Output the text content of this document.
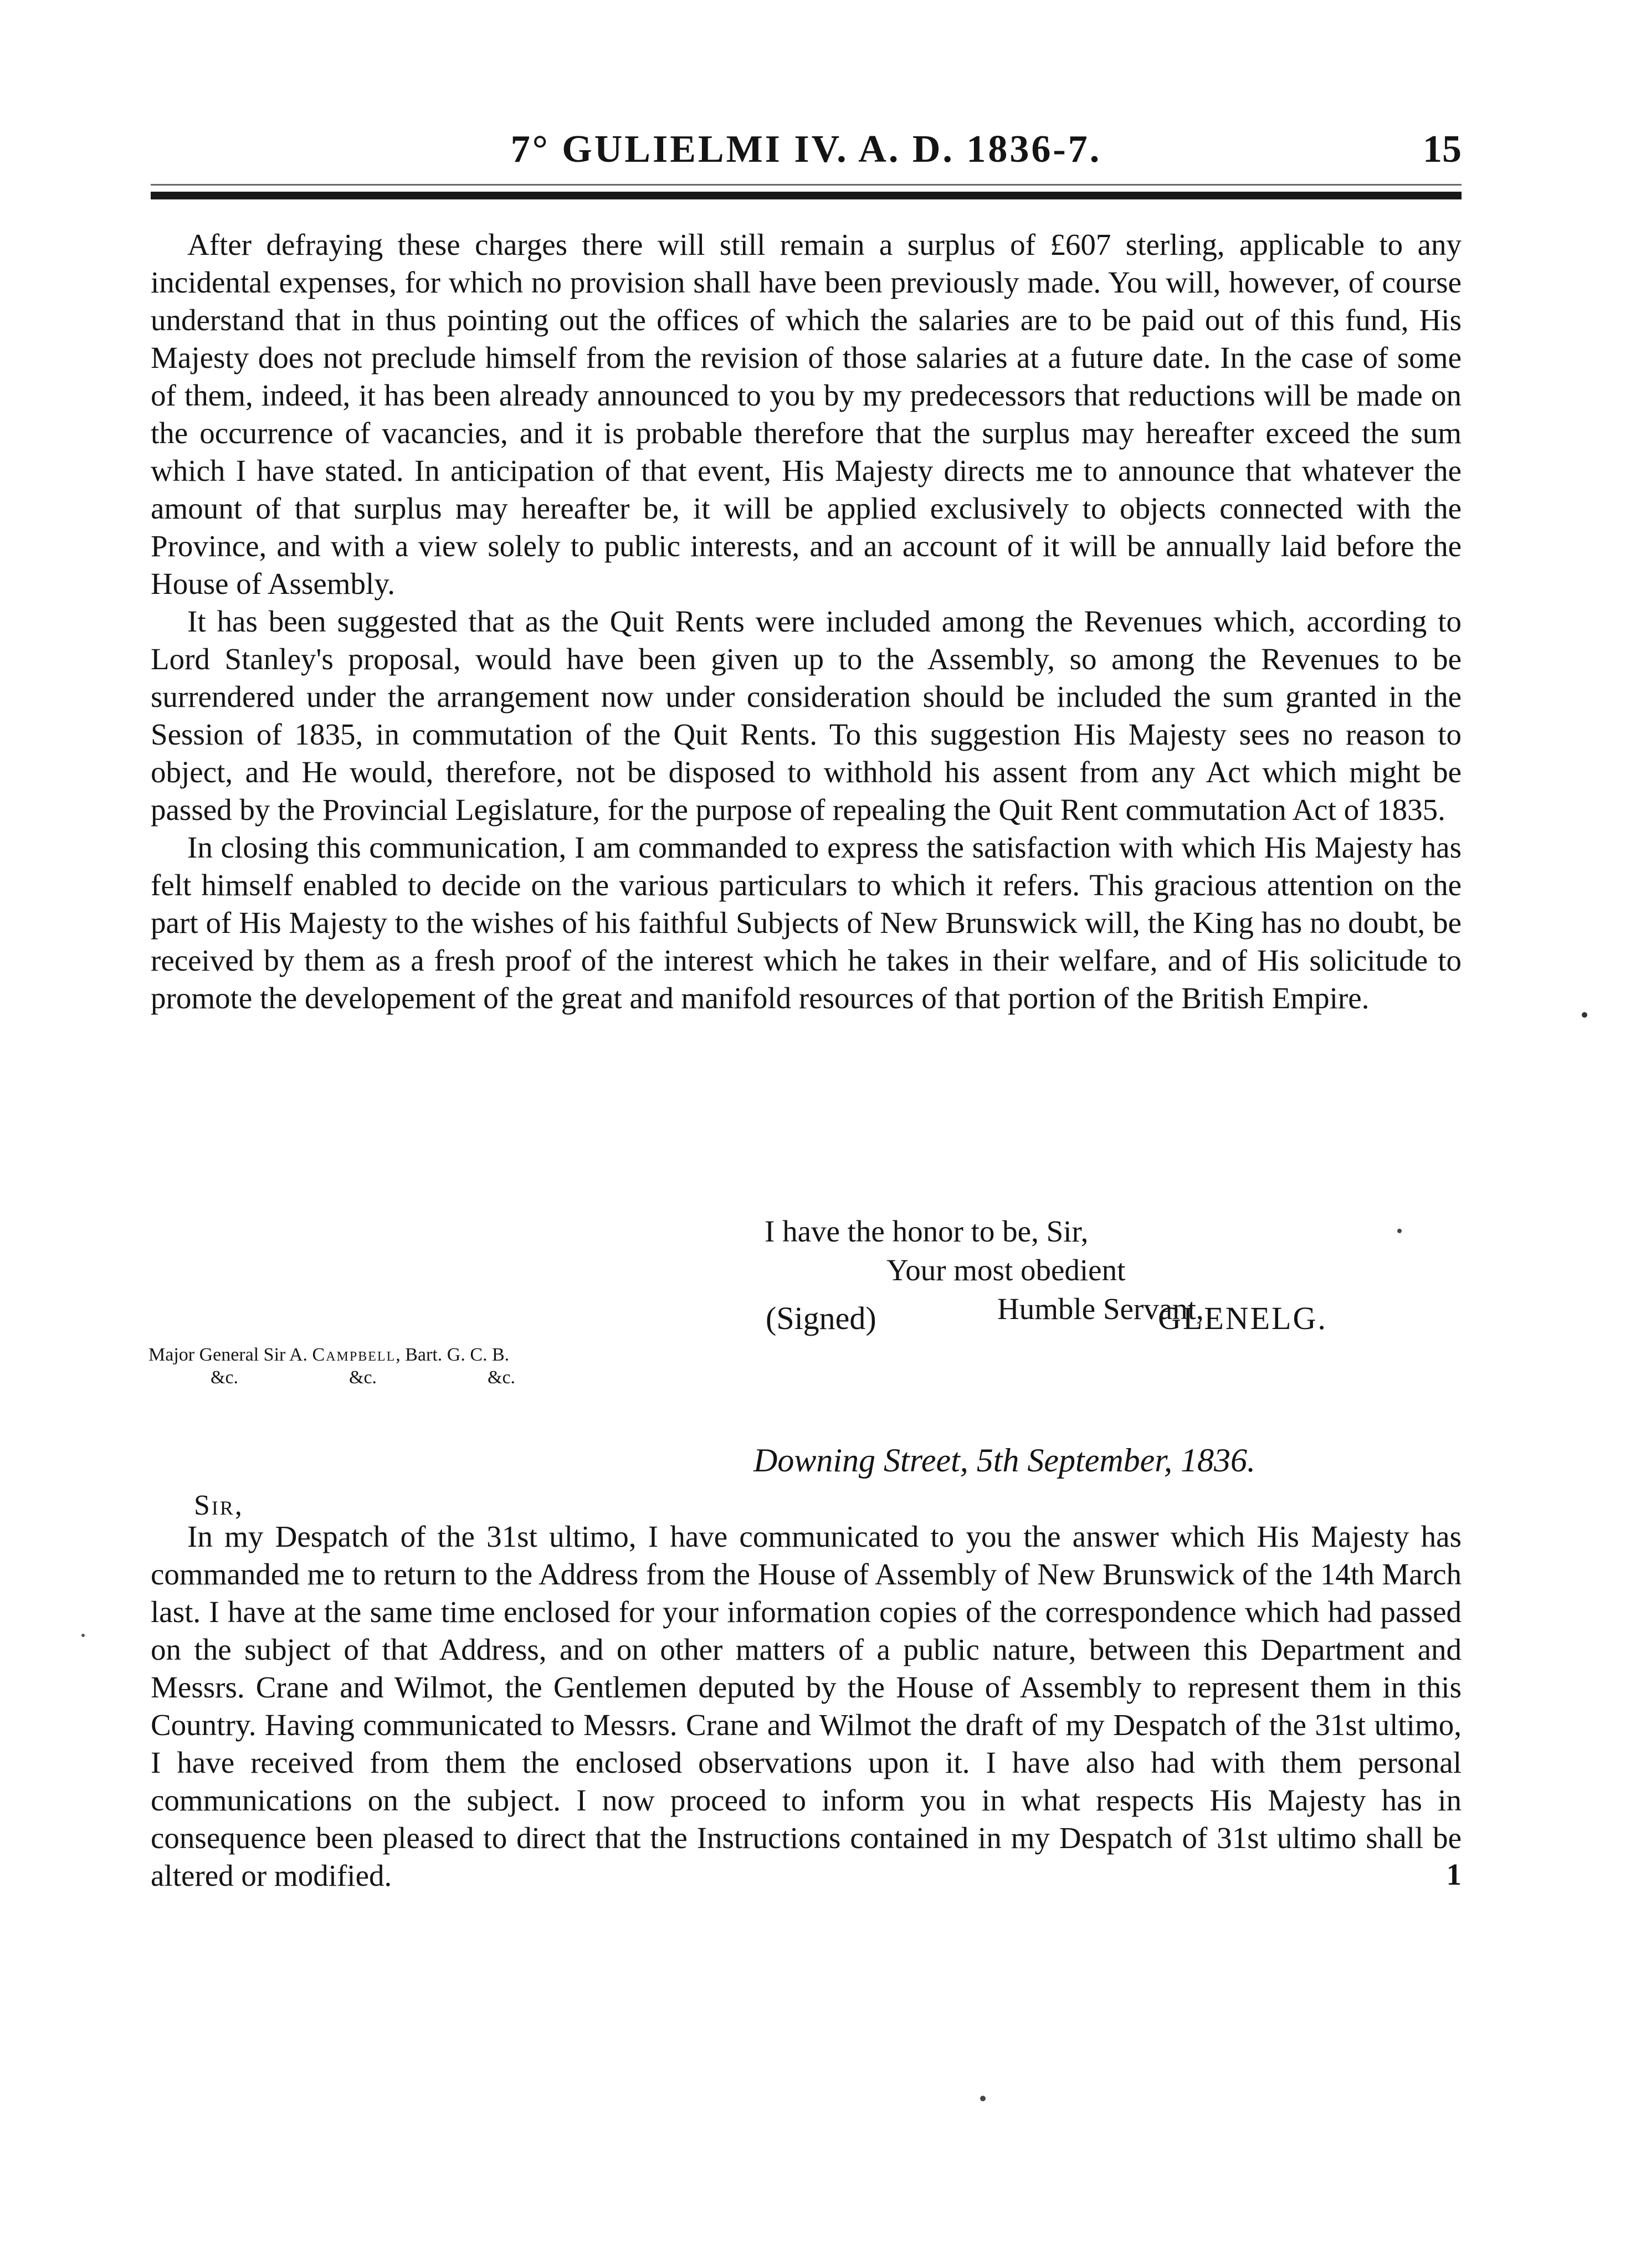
7° GULIELMI IV. A. D. 1836-7.	15

After defraying these charges there will still remain a surplus of £607 sterling, applicable to any incidental expenses, for which no provision shall have been previously made. You will, however, of course understand that in thus pointing out the offices of which the salaries are to be paid out of this fund, His Majesty does not preclude himself from the revision of those salaries at a future date. In the case of some of them, indeed, it has been already announced to you by my predecessors that reductions will be made on the occurrence of vacancies, and it is probable therefore that the surplus may hereafter exceed the sum which I have stated. In anticipation of that event, His Majesty directs me to announce that whatever the amount of that surplus may hereafter be, it will be applied exclusively to objects connected with the Province, and with a view solely to public interests, and an account of it will be annually laid before the House of Assembly.

It has been suggested that as the Quit Rents were included among the Revenues which, according to Lord Stanley's proposal, would have been given up to the Assembly, so among the Revenues to be surrendered under the arrangement now under consideration should be included the sum granted in the Session of 1835, in commutation of the Quit Rents. To this suggestion His Majesty sees no reason to object, and He would, therefore, not be disposed to withhold his assent from any Act which might be passed by the Provincial Legislature, for the purpose of repealing the Quit Rent commutation Act of 1835.

In closing this communication, I am commanded to express the satisfaction with which His Majesty has felt himself enabled to decide on the various particulars to which it refers. This gracious attention on the part of His Majesty to the wishes of his faithful Subjects of New Brunswick will, the King has no doubt, be received by them as a fresh proof of the interest which he takes in their welfare, and of His solicitude to promote the developement of the great and manifold resources of that portion of the British Empire.

I have the honor to be, Sir,
Your most obedient
Humble Servant,
(Signed)	GLENELG.
Major General Sir A. Campbell, Bart. G. C. B.
&c.	&c.	&c.
Downing Street, 5th September, 1836.
Sir,

In my Despatch of the 31st ultimo, I have communicated to you the answer which His Majesty has commanded me to return to the Address from the House of Assembly of New Brunswick of the 14th March last. I have at the same time enclosed for your information copies of the correspondence which had passed on the subject of that Address, and on other matters of a public nature, between this Department and Messrs. Crane and Wilmot, the Gentlemen deputed by the House of Assembly to represent them in this Country. Having communicated to Messrs. Crane and Wilmot the draft of my Despatch of the 31st ultimo, I have received from them the enclosed observations upon it. I have also had with them personal communications on the subject. I now proceed to inform you in what respects His Majesty has in consequence been pleased to direct that the Instructions contained in my Despatch of 31st ultimo shall be altered or modified.	1
